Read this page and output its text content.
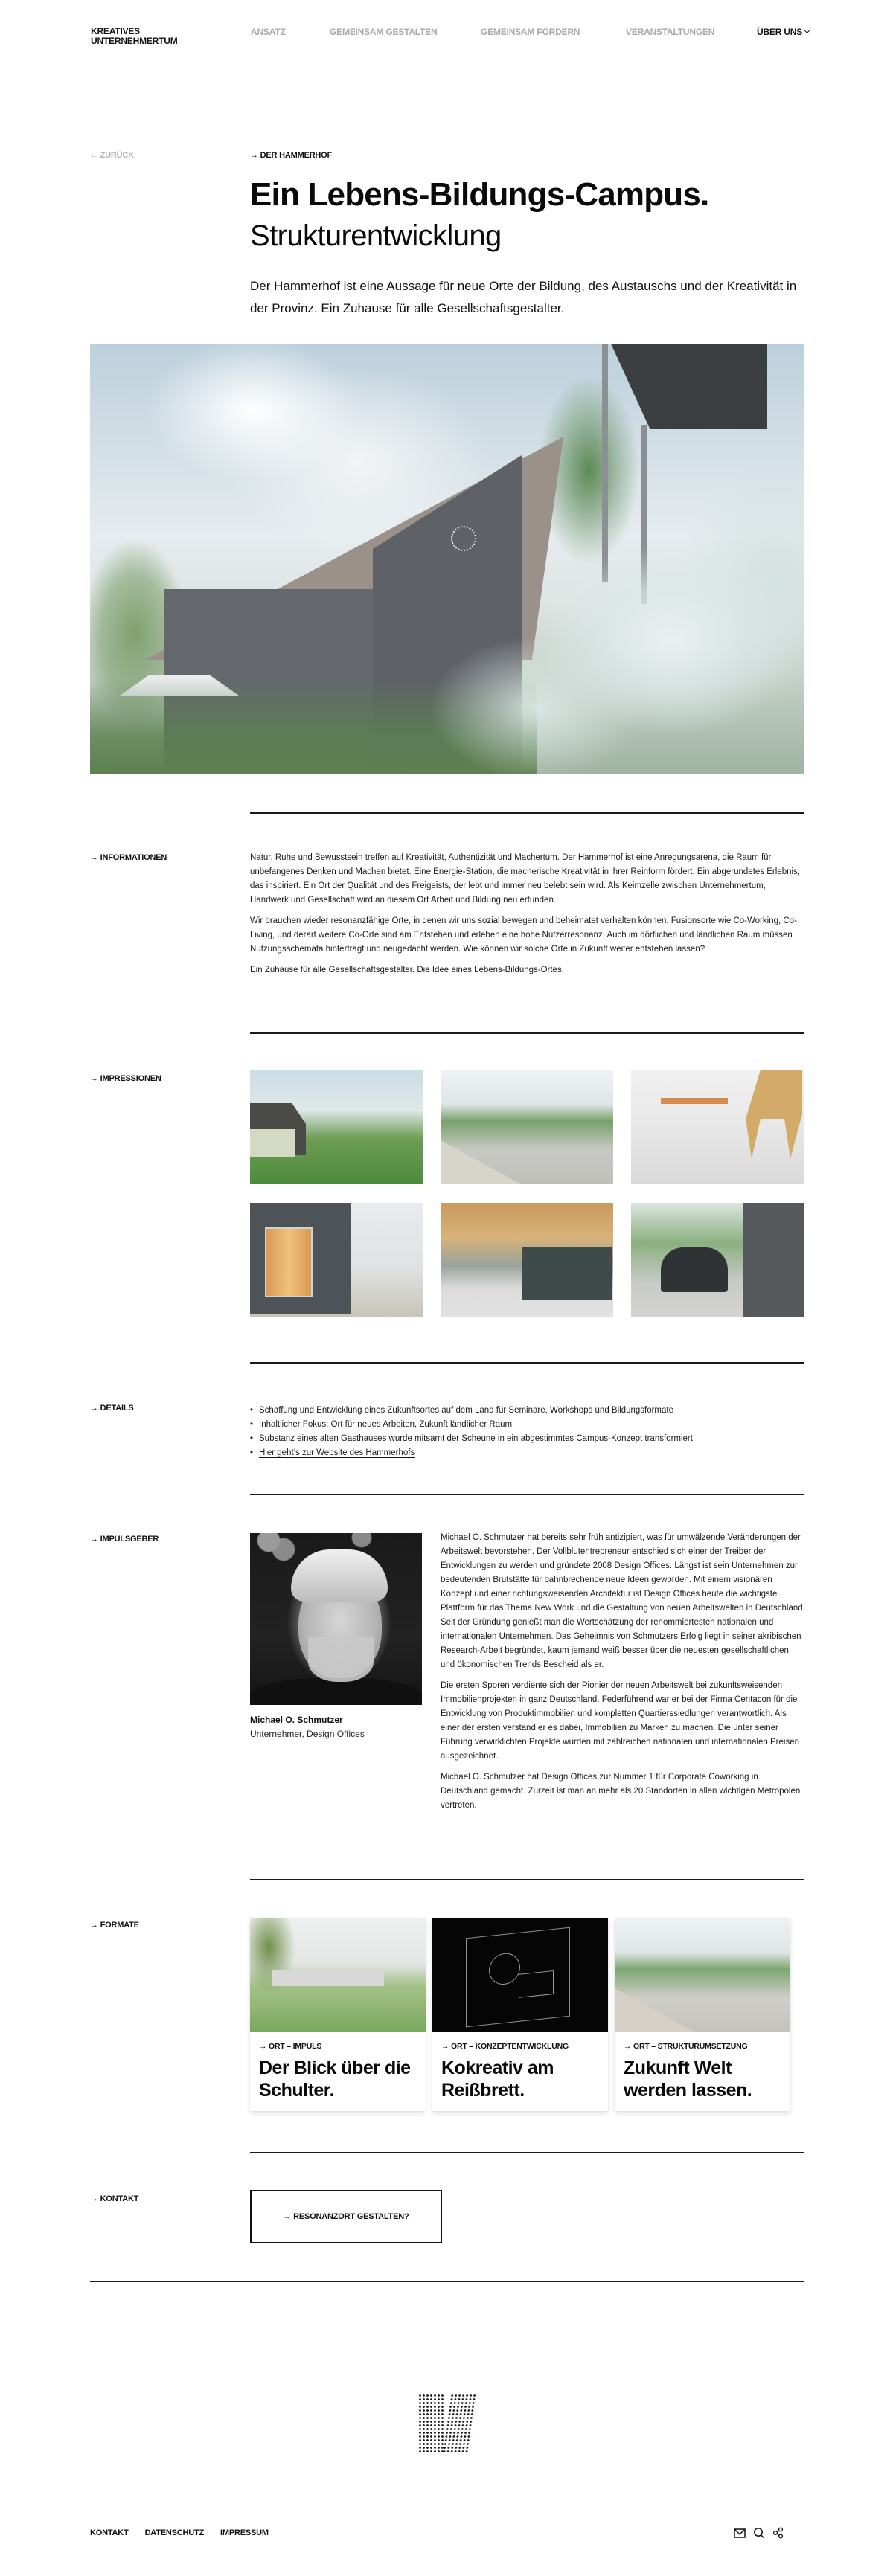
KREATIVES
UNTERNEHMERTUM
ANSATZ	GEMEINSAM GESTALTEN	GEMEINSAM FÖRDERN	VERANSTALTUNGEN	ÜBER UNS
← ZURÜCK	→ DER HAMMERHOF
Ein Lebens-Bildungs-Campus.
Strukturentwicklung

Der Hammerhof ist eine Aussage für neue Orte der Bildung, des Austauschs und der Kreativität in der Provinz. Ein Zuhause für alle Gesellschaftsgestalter.

→ INFORMATIONEN	Natur, Ruhe und Bewusstsein treffen auf Kreativität, Authentizität und Machertum. Der Hammerhof ist eine Anregungsarena, die Raum für unbefangenes Denken und Machen bietet. Eine Energie-Station, die macherische Kreativität in ihrer Reinform fördert. Ein abgerundetes Erlebnis, das inspiriert. Ein Ort der Qualität und des Freigeists, der lebt und immer neu belebt sein wird. Als Keimzelle zwischen Unternehmertum, Handwerk und Gesellschaft wird an diesem Ort Arbeit und Bildung neu erfunden.

Wir brauchen wieder resonanzfähige Orte, in denen wir uns sozial bewegen und beheimatet verhalten können. Fusionsorte wie Co-Working, Co-Living, und derart weitere Co-Orte sind am Entstehen und erleben eine hohe Nutzerresonanz. Auch im dörflichen und ländlichen Raum müssen Nutzungsschemata hinterfragt und neugedacht werden. Wie können wir solche Orte in Zukunft weiter entstehen lassen?

Ein Zuhause für alle Gesellschaftsgestalter. Die Idee eines Lebens-Bildungs-Ortes.

→ IMPRESSIONEN
→ DETAILS	• Schaffung und Entwicklung eines Zukunftsortes auf dem Land für Seminare, Workshops und Bildungsformate
• Inhaltlicher Fokus: Ort für neues Arbeiten, Zukunft ländlicher Raum
• Substanz eines alten Gasthauses wurde mitsamt der Scheune in ein abgestimmtes Campus-Konzept transformiert
• Hier geht’s zur Website des Hammerhofs
→ IMPULSGEBER
Michael O. Schmutzer
Unternehmer, Design Offices

Michael O. Schmutzer hat bereits sehr früh antizipiert, was für umwälzende Veränderungen der Arbeitswelt bevorstehen. Der Vollblutentrepreneur entschied sich einer der Treiber der Entwicklungen zu werden und gründete 2008 Design Offices. Längst ist sein Unternehmen zur bedeutenden Brutstätte für bahnbrechende neue Ideen geworden. Mit einem visionären Konzept und einer richtungsweisenden Architektur ist Design Offices heute die wichtigste Plattform für das Thema New Work und die Gestaltung von neuen Arbeitswelten in Deutschland. Seit der Gründung genießt man die Wertschätzung der renommiertesten nationalen und internationalen Unternehmen. Das Geheimnis von Schmutzers Erfolg liegt in seiner akribischen Research-Arbeit begründet, kaum jemand weiß besser über die neuesten gesellschaftlichen und ökonomischen Trends Bescheid als er.

Die ersten Sporen verdiente sich der Pionier der neuen Arbeitswelt bei zukunftsweisenden Immobilienprojekten in ganz Deutschland. Federführend war er bei der Firma Centacon für die Entwicklung von Produktimmobilien und kompletten Quartierssiedlungen verantwortlich. Als einer der ersten verstand er es dabei, Immobilien zu Marken zu machen. Die unter seiner Führung verwirklichten Projekte wurden mit zahlreichen nationalen und internationalen Preisen ausgezeichnet.

Michael O. Schmutzer hat Design Offices zur Nummer 1 für Corporate Coworking in Deutschland gemacht. Zurzeit ist man an mehr als 20 Standorten in allen wichtigen Metropolen vertreten.

→ FORMATE
→ ORT – IMPULS
Der Blick über die Schulter.
→ ORT – KONZEPTENTWICKLUNG
Kokreativ am Reißbrett.
→ ORT – STRUKTURUMSETZUNG
Zukunft Welt werden lassen.
→ KONTAKT
→ RESONANZORT GESTALTEN?
KONTAKT DATENSCHUTZ IMPRESSUM
